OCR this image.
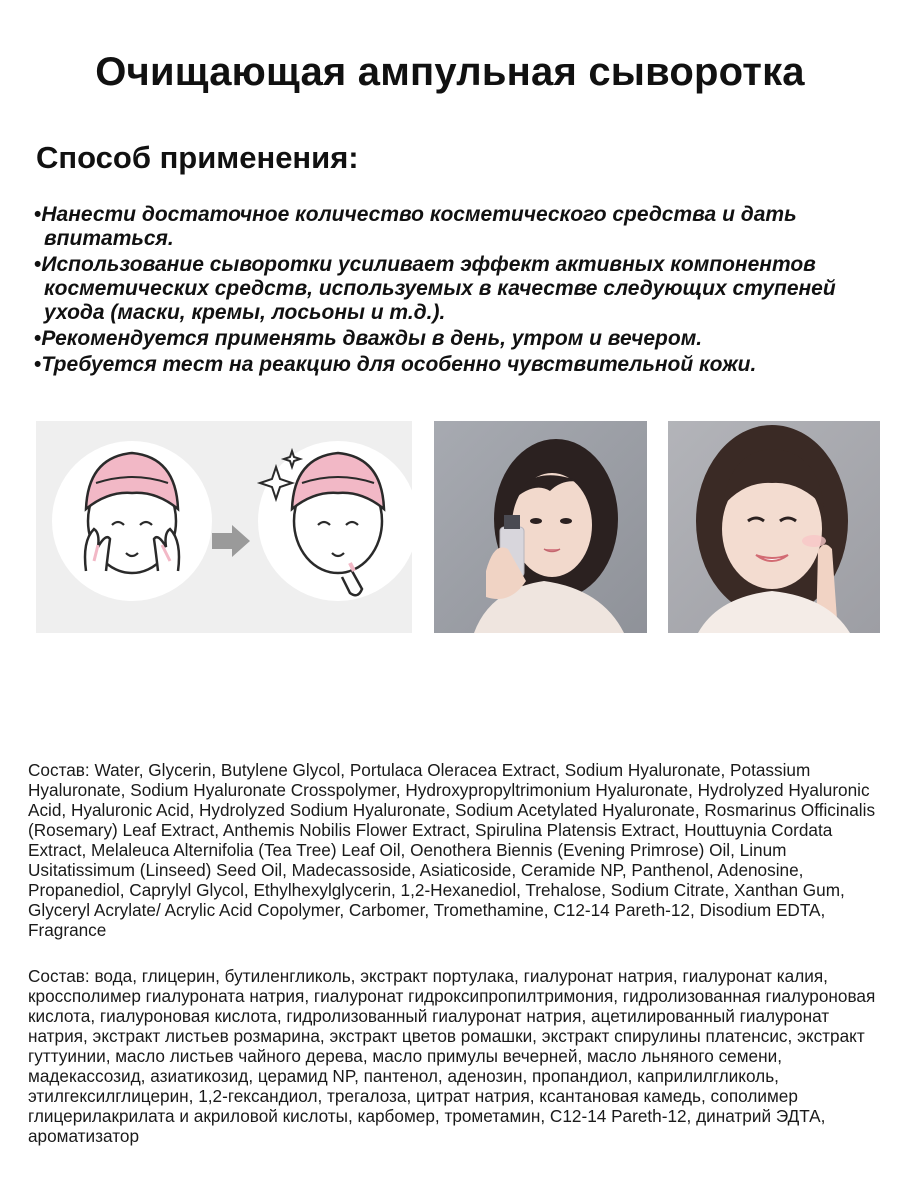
Очищающая ампульная сыворотка
Способ применения:
•Нанести достаточное количество косметического средства и дать впитаться.
•Использование сыворотки усиливает эффект активных компонентов косметических средств, используемых в качестве следующих ступеней ухода (маски, кремы, лосьоны и т.д.).
•Рекомендуется применять дважды в день, утром и вечером.
•Требуется тест на реакцию для особенно чувствительной кожи.
Состав: Water, Glycerin, Butylene Glycol, Portulaca Oleracea Extract, Sodium Hyaluronate, Potassium Hyaluronate, Sodium Hyaluronate Crosspolymer, Hydroxypropyltrimonium Hyaluronate, Hydrolyzed Hyaluronic Acid, Hyaluronic Acid, Hydrolyzed Sodium Hyaluronate, Sodium Acetylated Hyaluronate, Rosmarinus Officinalis (Rosemary) Leaf Extract, Anthemis Nobilis Flower Extract, Spirulina Platensis Extract, Houttuynia Cordata Extract, Melaleuca Alternifolia (Tea Tree) Leaf Oil, Oenothera Biennis (Evening Primrose) Oil, Linum Usitatissimum (Linseed) Seed Oil, Madecassoside, Asiaticoside, Ceramide NP, Panthenol, Adenosine, Propanediol, Caprylyl Glycol, Ethylhexylglycerin, 1,2-Hexanediol, Trehalose, Sodium Citrate, Xanthan Gum, Glyceryl Acrylate/ Acrylic Acid Copolymer, Carbomer, Tromethamine, C12-14 Pareth-12, Disodium EDTA, Fragrance
Состав: вода, глицерин, бутиленгликоль, экстракт портулака, гиалуронат натрия, гиалуронат калия, кроссполимер гиалуроната натрия, гиалуронат гидроксипропилтримония, гидролизованная гиалуроновая кислота, гиалуроновая кислота, гидролизованный гиалуронат натрия, ацетилированный гиалуронат натрия, экстракт листьев розмарина, экстракт цветов ромашки, экстракт спирулины платенсис, экстракт гуттуинии, масло листьев чайного дерева, масло примулы вечерней, масло льняного семени, мадекассозид, азиатикозид, церамид NP, пантенол, аденозин, пропандиол, каприлилгликоль, этилгексилглицерин, 1,2-гександиол, трегалоза, цитрат натрия, ксантановая камедь, сополимер глицерилакрилата и акриловой кислоты, карбомер, трометамин, C12-14 Pareth-12, динатрий ЭДТА, ароматизатор
